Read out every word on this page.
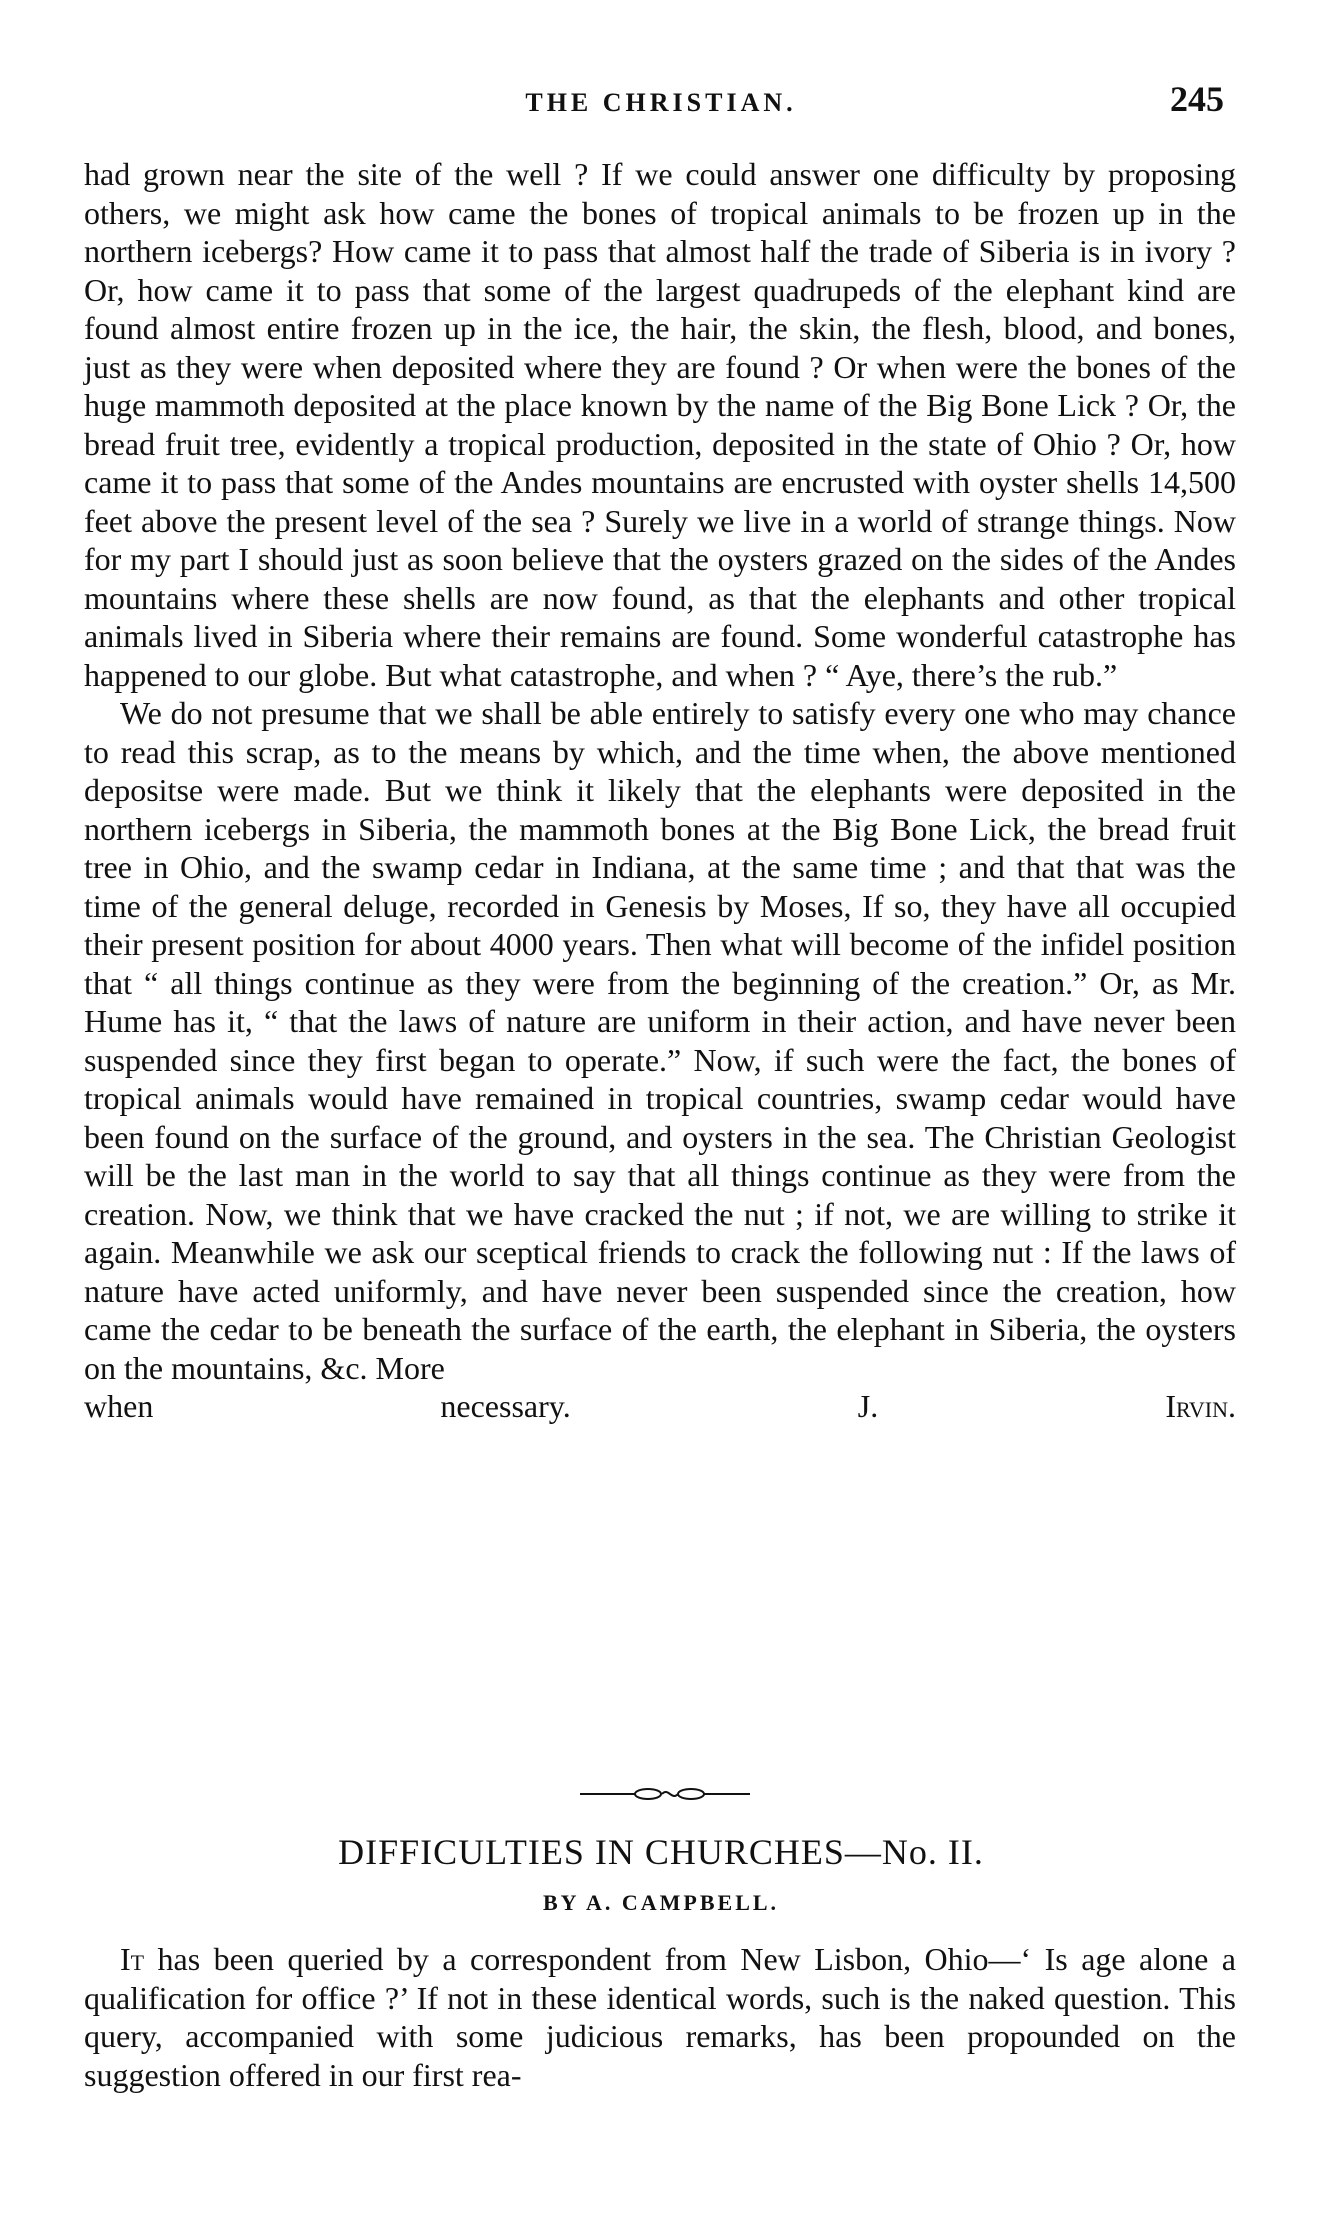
THE CHRISTIAN.	245

had grown near the site of the well ? If we could answer one difficulty by proposing others, we might ask how came the bones of tropical animals to be frozen up in the northern icebergs? How came it to pass that almost half the trade of Siberia is in ivory ? Or, how came it to pass that some of the largest quadrupeds of the elephant kind are found almost entire frozen up in the ice, the hair, the skin, the flesh, blood, and bones, just as they were when deposited where they are found ? Or when were the bones of the huge mammoth deposited at the place known by the name of the Big Bone Lick ? Or, the bread fruit tree, evidently a tropical production, deposited in the state of Ohio ? Or, how came it to pass that some of the Andes mountains are encrusted with oyster shells 14,500 feet above the present level of the sea ? Surely we live in a world of strange things. Now for my part I should just as soon believe that the oysters grazed on the sides of the Andes mountains where these shells are now found, as that the elephants and other tropical animals lived in Siberia where their remains are found. Some wonderful catastrophe has happened to our globe. But what catastrophe, and when ? “ Aye, there’s the rub.”

We do not presume that we shall be able entirely to satisfy every one who may chance to read this scrap, as to the means by which, and the time when, the above mentioned depositse were made. But we think it likely that the elephants were deposited in the northern icebergs in Siberia, the mammoth bones at the Big Bone Lick, the bread fruit tree in Ohio, and the swamp cedar in Indiana, at the same time ; and that that was the time of the general deluge, recorded in Genesis by Moses, If so, they have all occupied their present position for about 4000 years. Then what will become of the infidel position that “ all things continue as they were from the beginning of the creation.” Or, as Mr. Hume has it, “ that the laws of nature are uniform in their action, and have never been suspended since they first began to operate.” Now, if such were the fact, the bones of tropical animals would have remained in tropical countries, swamp cedar would have been found on the surface of the ground, and oysters in the sea. The Christian Geologist will be the last man in the world to say that all things continue as they were from the creation. Now, we think that we have cracked the nut ; if not, we are willing to strike it again. Meanwhile we ask our sceptical friends to crack the following nut : If the laws of nature have acted uniformly, and have never been suspended since the creation, how came the cedar to be beneath the surface of the earth, the elephant in Siberia, the oysters on the mountains, &c. More

when necessary.	J. Irvin.

DIFFICULTIES IN CHURCHES—No. II.
BY A. CAMPBELL.

It has been queried by a correspondent from New Lisbon, Ohio—‘ Is age alone a qualification for office ?’ If not in these identical words, such is the naked question. This query, accompanied with some judicious remarks, has been propounded on the suggestion offered in our first rea-
